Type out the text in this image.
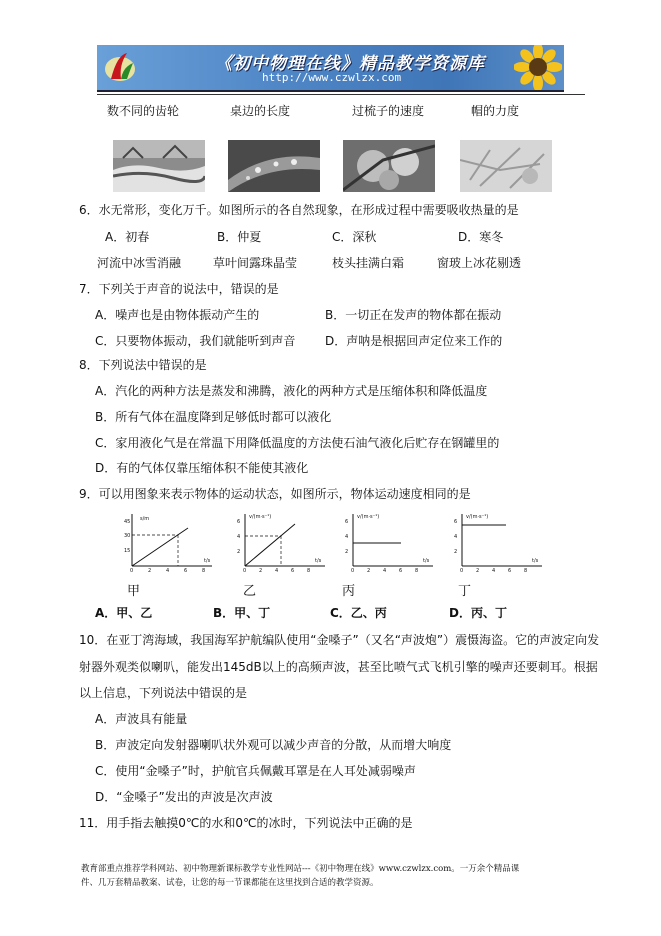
《初中物理在线》精品教学资源库
http://www.czwlzx.com
数不同的齿轮	桌边的长度	过梳子的速度	帽的力度
6．水无常形，变化万千。如图所示的各自然现象，在形成过程中需要吸收热量的是
A．初春	B．仲夏	C．深秋	D．寒冬
河流中冰雪消融	草叶间露珠晶莹	枝头挂满白霜	窗玻上冰花剔透
7．下列关于声音的说法中，错误的是
A．噪声也是由物体振动产生的	B．一切正在发声的物体都在振动
C．只要物体振动，我们就能听到声音 D．声呐是根据回声定位来工作的
8．下列说法中错误的是
A．汽化的两种方法是蒸发和沸腾，液化的两种方式是压缩体积和降低温度
B．所有气体在温度降到足够低时都可以液化
C．家用液化气是在常温下用降低温度的方法使石油气液化后贮存在钢罐里的
D．有的气体仅靠压缩体积不能使其液化
9．可以用图象来表示物体的运动状态，如图所示，物体运动速度相同的是
s/m
t/s
45
30
15
0	2	4	6	8
v/(m·s⁻¹)
t/s
6
4
2
0	2	4	6	8
v/(m·s⁻¹)
t/s
6
4
2
0	2	4	6	8
v/(m·s⁻¹)
t/s
6
4
2
0	2	4	6	8
甲	乙	丙	丁
A．甲、乙	B．甲、丁	C．乙、丙	D．丙、丁
10．在亚丁湾海域，我国海军护航编队使用“金嗓子”（又名“声波炮”）震慑海盗。它的声波定向发
射器外观类似喇叭，能发出145dB以上的高频声波，甚至比喷气式飞机引擎的噪声还要刺耳。根据
以上信息，下列说法中错误的是
A．声波具有能量
B．声波定向发射器喇叭状外观可以减少声音的分散，从而增大响度
C．使用“金嗓子”时，护航官兵佩戴耳罩是在人耳处减弱噪声
D．“金嗓子”发出的声波是次声波
11．用手指去触摸0℃的水和0℃的冰时，下列说法中正确的是
教育部重点推荐学科网站、初中物理新课标教学专业性网站---《初中物理在线》www.czwlzx.com。一万余个精品课
件、几万套精品教案、试卷，让您的每一节课都能在这里找到合适的教学资源。
